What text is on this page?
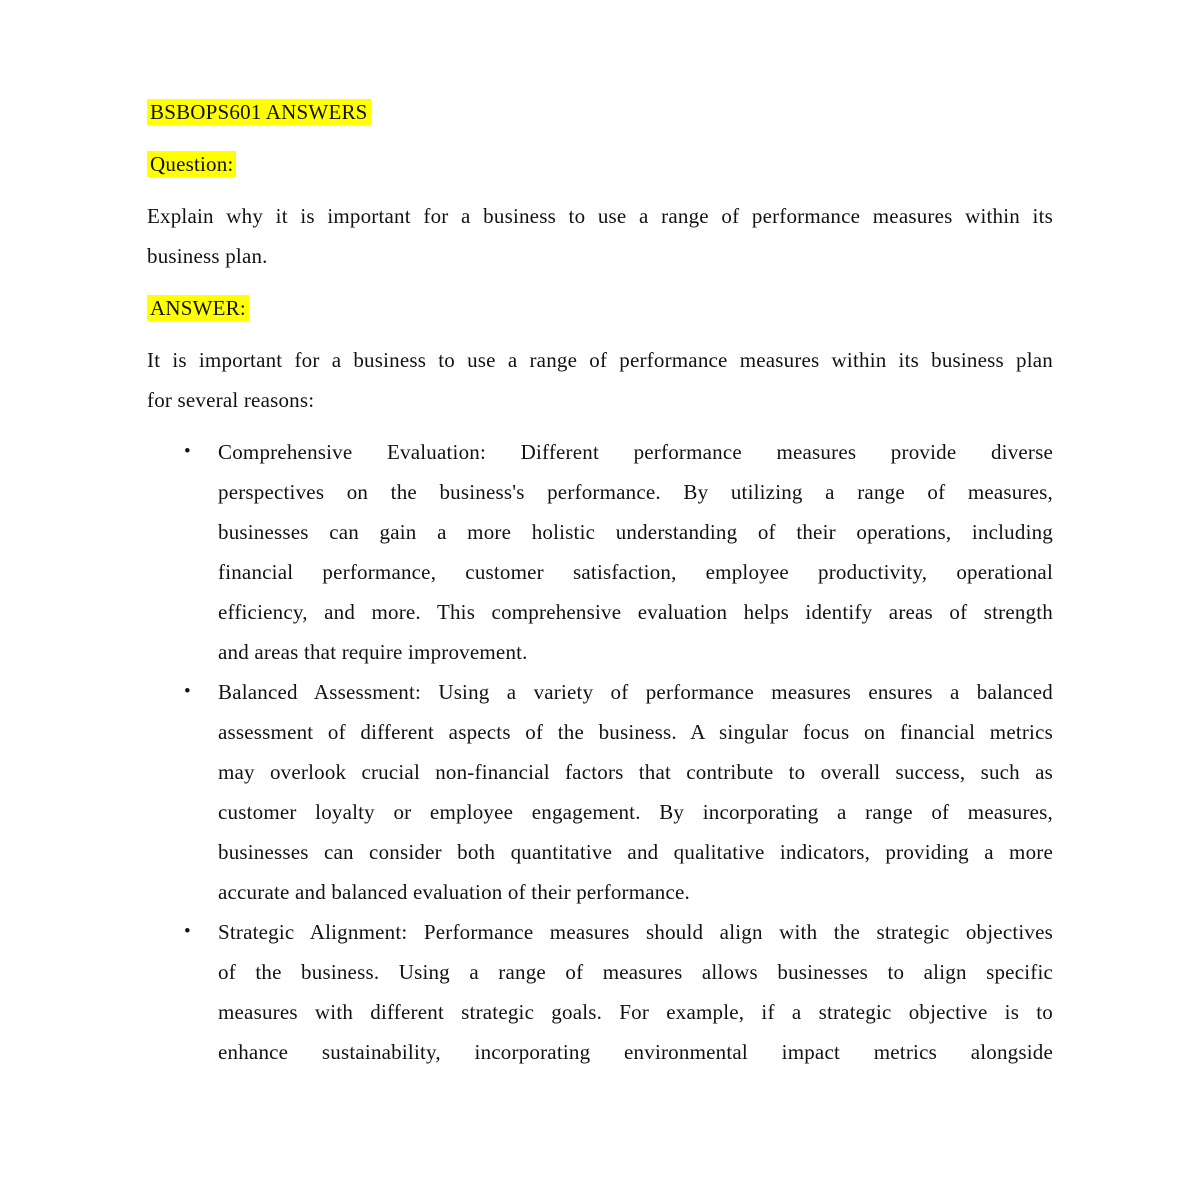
BSBOPS601 ANSWERS
Question:
Explain why it is important for a business to use a range of performance measures within its
business plan.
ANSWER:
It is important for a business to use a range of performance measures within its business plan
for several reasons:
• Comprehensive Evaluation: Different performance measures provide diverse
perspectives on the business's performance. By utilizing a range of measures,
businesses can gain a more holistic understanding of their operations, including
financial performance, customer satisfaction, employee productivity, operational
efficiency, and more. This comprehensive evaluation helps identify areas of strength
and areas that require improvement.
• Balanced Assessment: Using a variety of performance measures ensures a balanced
assessment of different aspects of the business. A singular focus on financial metrics
may overlook crucial non-financial factors that contribute to overall success, such as
customer loyalty or employee engagement. By incorporating a range of measures,
businesses can consider both quantitative and qualitative indicators, providing a more
accurate and balanced evaluation of their performance.
• Strategic Alignment: Performance measures should align with the strategic objectives
of the business. Using a range of measures allows businesses to align specific
measures with different strategic goals. For example, if a strategic objective is to
enhance sustainability, incorporating environmental impact metrics alongside
